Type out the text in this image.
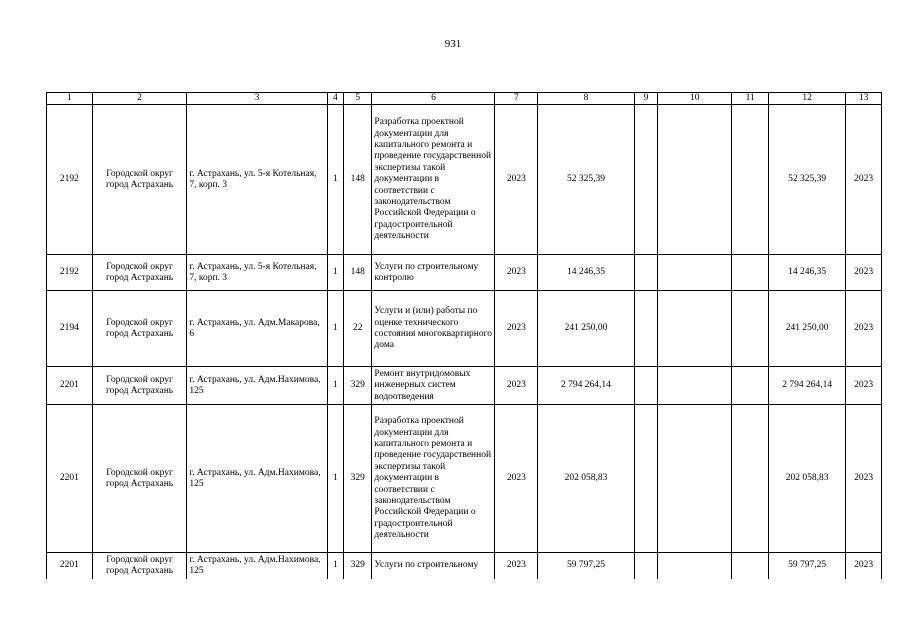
931
1	2	3	4	5	6	7	8	9	10	11	12	13
2192	Городской округ город Астрахань	г. Астрахань, ул. 5-я Котельная, 7, корп. 3	1	148	Разработка проектной документации для капитального ремонта и проведение государственной экспертизы такой документации в соответствии с законодательством Российской Федерации о градостроительной деятельности	2023	52 325,39				52 325,39	2023
2192	Городской округ город Астрахань	г. Астрахань, ул. 5-я Котельная, 7, корп. 3	1	148	Услуги по строительному контролю	2023	14 246,35				14 246,35	2023
2194	Городской округ город Астрахань	г. Астрахань, ул. Адм.Макарова, 6	1	22	Услуги и (или) работы по оценке технического состояния многоквартирного дома	2023	241 250,00				241 250,00	2023
2201	Городской округ город Астрахань	г. Астрахань, ул. Адм.Нахимова, 125	1	329	Ремонт внутридомовых инженерных систем водоотведения	2023	2 794 264,14				2 794 264,14	2023
2201	Городской округ город Астрахань	г. Астрахань, ул. Адм.Нахимова, 125	1	329	Разработка проектной документации для капитального ремонта и проведение государственной экспертизы такой документации в соответствии с законодательством Российской Федерации о градостроительной деятельности	2023	202 058,83				202 058,83	2023
2201	Городской округ город Астрахань	г. Астрахань, ул. Адм.Нахимова, 125	1	329	Услуги по строительному	2023	59 797,25				59 797,25	2023
